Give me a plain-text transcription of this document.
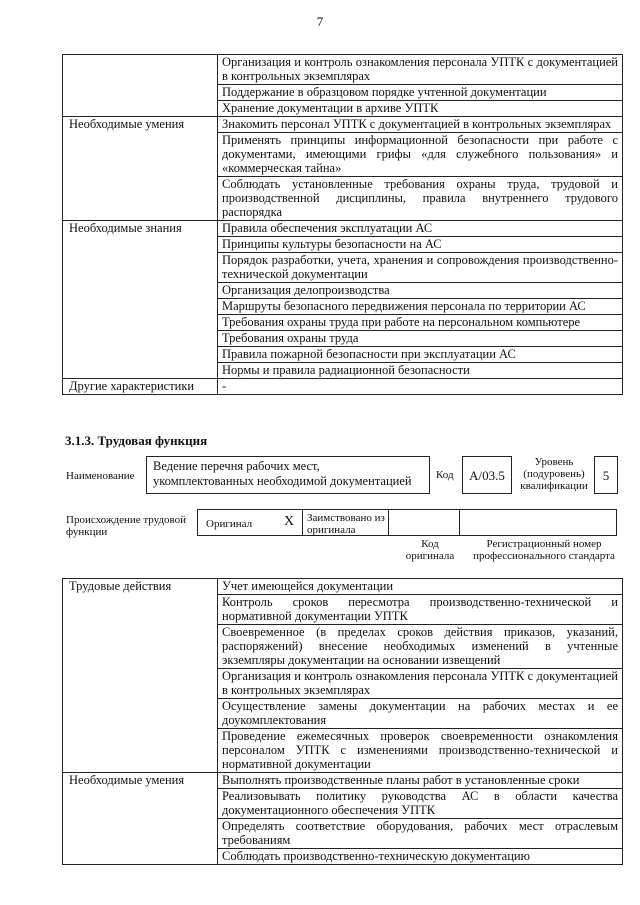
7
	Организация и контроль ознакомления персонала УПТК с документацией в контрольных экземплярах
	Поддержание в образцовом порядке учтенной документации
	Хранение документации в архиве УПТК
Необходимые умения	Знакомить персонал УПТК с документацией в контрольных экземплярах
	Применять принципы информационной безопасности при работе с документами, имеющими грифы «для служебного пользования» и «коммерческая тайна»
	Соблюдать установленные требования охраны труда, трудовой и производственной дисциплины, правила внутреннего трудового распорядка
Необходимые знания	Правила обеспечения эксплуатации АС
	Принципы культуры безопасности на АС
	Порядок разработки, учета, хранения и сопровождения производственно-технической документации
	Организация делопроизводства
	Маршруты безопасного передвижения персонала по территории АС
	Требования охраны труда при работе на персональном компьютере
	Требования охраны труда
	Правила пожарной безопасности при эксплуатации АС
	Нормы и правила радиационной безопасности
Другие характеристики	-
3.1.3. Трудовая функция
Наименование
Ведение перечня рабочих мест, укомплектованных необходимой документацией	Код	А/03.5
Уровень (подуровень) квалификации
5
Происхождение трудовой функции
Оригинал X Заимствовано из оригинала
Код оригинала
Регистрационный номер профессионального стандарта
Трудовые действия	Учет имеющейся документации
	Контроль сроков пересмотра производственно-технической и нормативной документации УПТК
	Своевременное (в пределах сроков действия приказов, указаний, распоряжений) внесение необходимых изменений в учтенные экземпляры документации на основании извещений
	Организация и контроль ознакомления персонала УПТК с документацией в контрольных экземплярах
	Осуществление замены документации на рабочих местах и ее доукомплектования
	Проведение ежемесячных проверок своевременности ознакомления персоналом УПТК с изменениями производственно-технической и нормативной документации
Необходимые умения	Выполнять производственные планы работ в установленные сроки
	Реализовывать политику руководства АС в области качества документационного обеспечения УПТК
	Определять соответствие оборудования, рабочих мест отраслевым требованиям
	Соблюдать производственно-техническую документацию
